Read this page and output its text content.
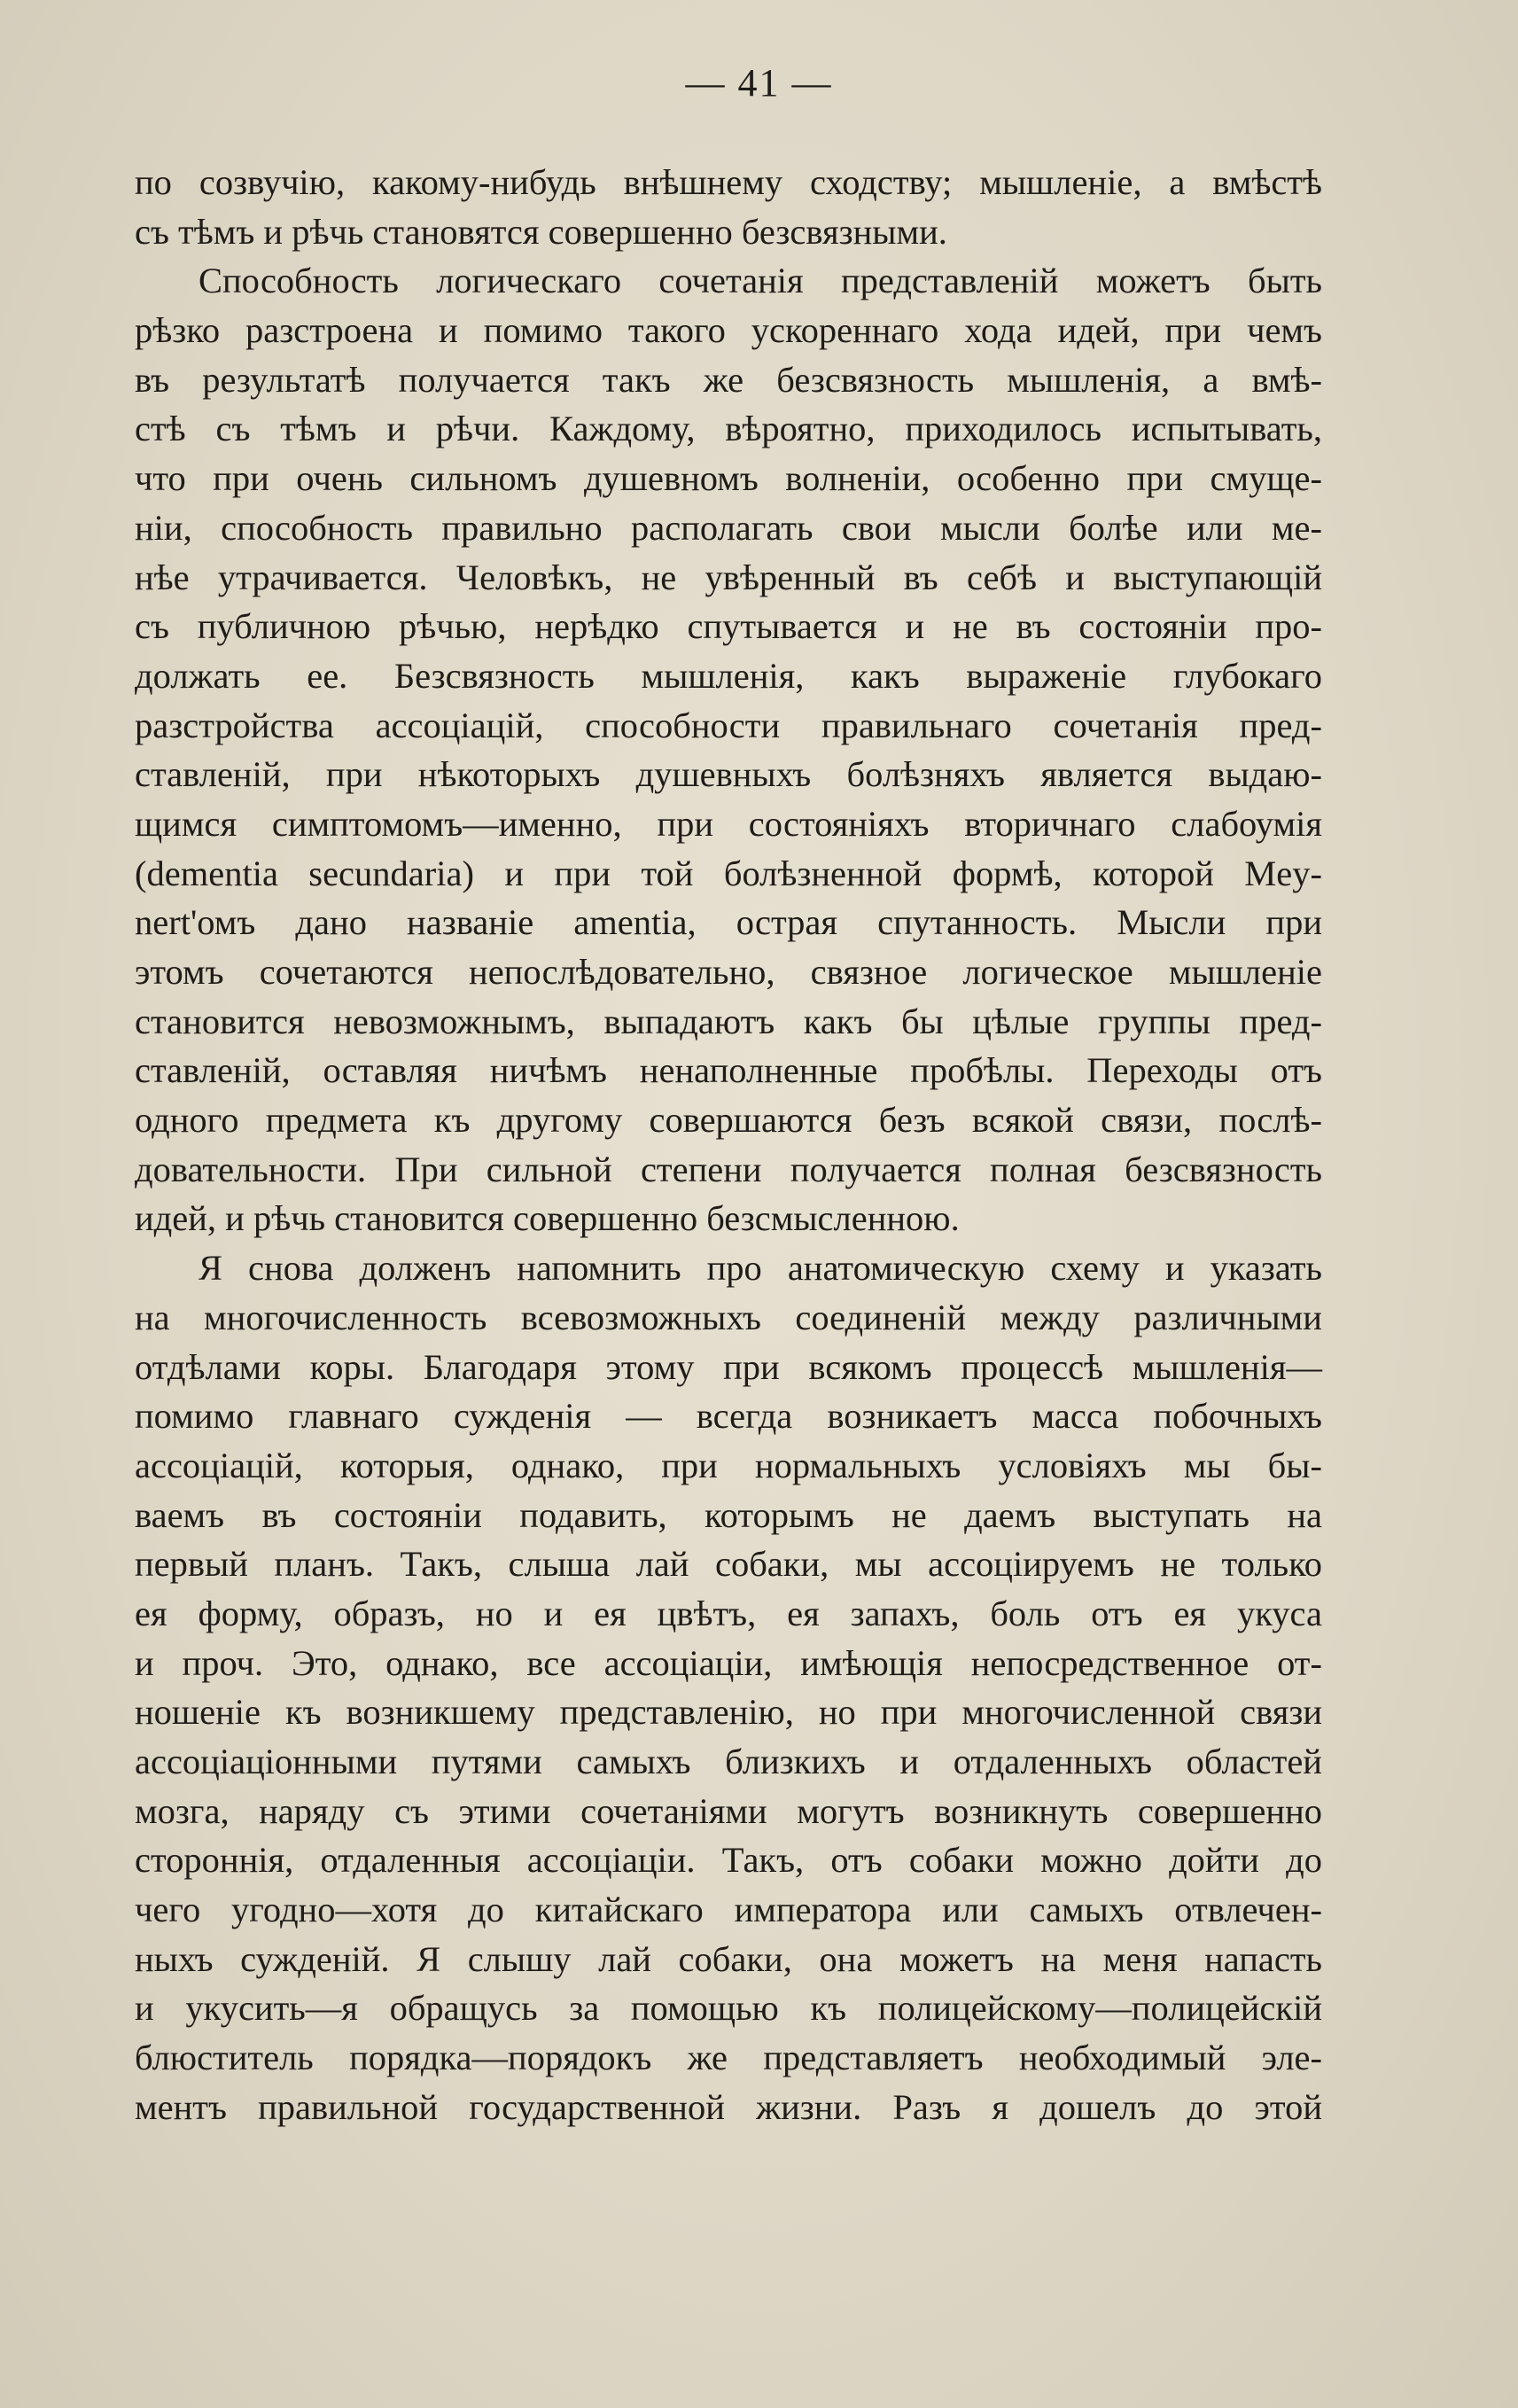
— 41 —
по созвучію, какому-нибудь внѣшнему сходству; мышленіе, а вмѣстѣ
съ тѣмъ и рѣчь становятся совершенно безсвязными.
Способность логическаго сочетанія представленій можетъ быть
рѣзко разстроена и помимо такого ускореннаго хода идей, при чемъ
въ результатѣ получается такъ же безсвязность мышленія, а вмѣ-
стѣ съ тѣмъ и рѣчи. Каждому, вѣроятно, приходилось испытывать,
что при очень сильномъ душевномъ волненіи, особенно при смуще-
ніи, способность правильно располагать свои мысли болѣе или ме-
нѣе утрачивается. Человѣкъ, не увѣренный въ себѣ и выступающій
съ публичною рѣчью, нерѣдко спутывается и не въ состояніи про-
должать ее. Безсвязность мышленія, какъ выраженіе глубокаго
разстройства ассоціацій, способности правильнаго сочетанія пред-
ставленій, при нѣкоторыхъ душевныхъ болѣзняхъ является выдаю-
щимся симптомомъ—именно, при состояніяхъ вторичнаго слабоумія
(dementia secundaria) и при той болѣзненной формѣ, которой Mey-
nert'омъ дано названіе amentia, острая спутанность. Мысли при
этомъ сочетаются непослѣдовательно, связное логическое мышленіе
становится невозможнымъ, выпадаютъ какъ бы цѣлые группы пред-
ставленій, оставляя ничѣмъ ненаполненные пробѣлы. Переходы отъ
одного предмета къ другому совершаются безъ всякой связи, послѣ-
довательности. При сильной степени получается полная безсвязность
идей, и рѣчь становится совершенно безсмысленною.
Я снова долженъ напомнить про анатомическую схему и указать
на многочисленность всевозможныхъ соединеній между различными
отдѣлами коры. Благодаря этому при всякомъ процессѣ мышленія—
помимо главнаго сужденія — всегда возникаетъ масса побочныхъ
ассоціацій, которыя, однако, при нормальныхъ условіяхъ мы бы-
ваемъ въ состояніи подавить, которымъ не даемъ выступать на
первый планъ. Такъ, слыша лай собаки, мы ассоціируемъ не только
ея форму, образъ, но и ея цвѣтъ, ея запахъ, боль отъ ея укуса
и проч. Это, однако, все ассоціаціи, имѣющія непосредственное от-
ношеніе къ возникшему представленію, но при многочисленной связи
ассоціаціонными путями самыхъ близкихъ и отдаленныхъ областей
мозга, наряду съ этими сочетаніями могутъ возникнуть совершенно
стороннія, отдаленныя ассоціаціи. Такъ, отъ собаки можно дойти до
чего угодно—хотя до китайскаго императора или самыхъ отвлечен-
ныхъ сужденій. Я слышу лай собаки, она можетъ на меня напасть
и укусить—я обращусь за помощью къ полицейскому—полицейскій
блюститель порядка—порядокъ же представляетъ необходимый эле-
ментъ правильной государственной жизни. Разъ я дошелъ до этой
